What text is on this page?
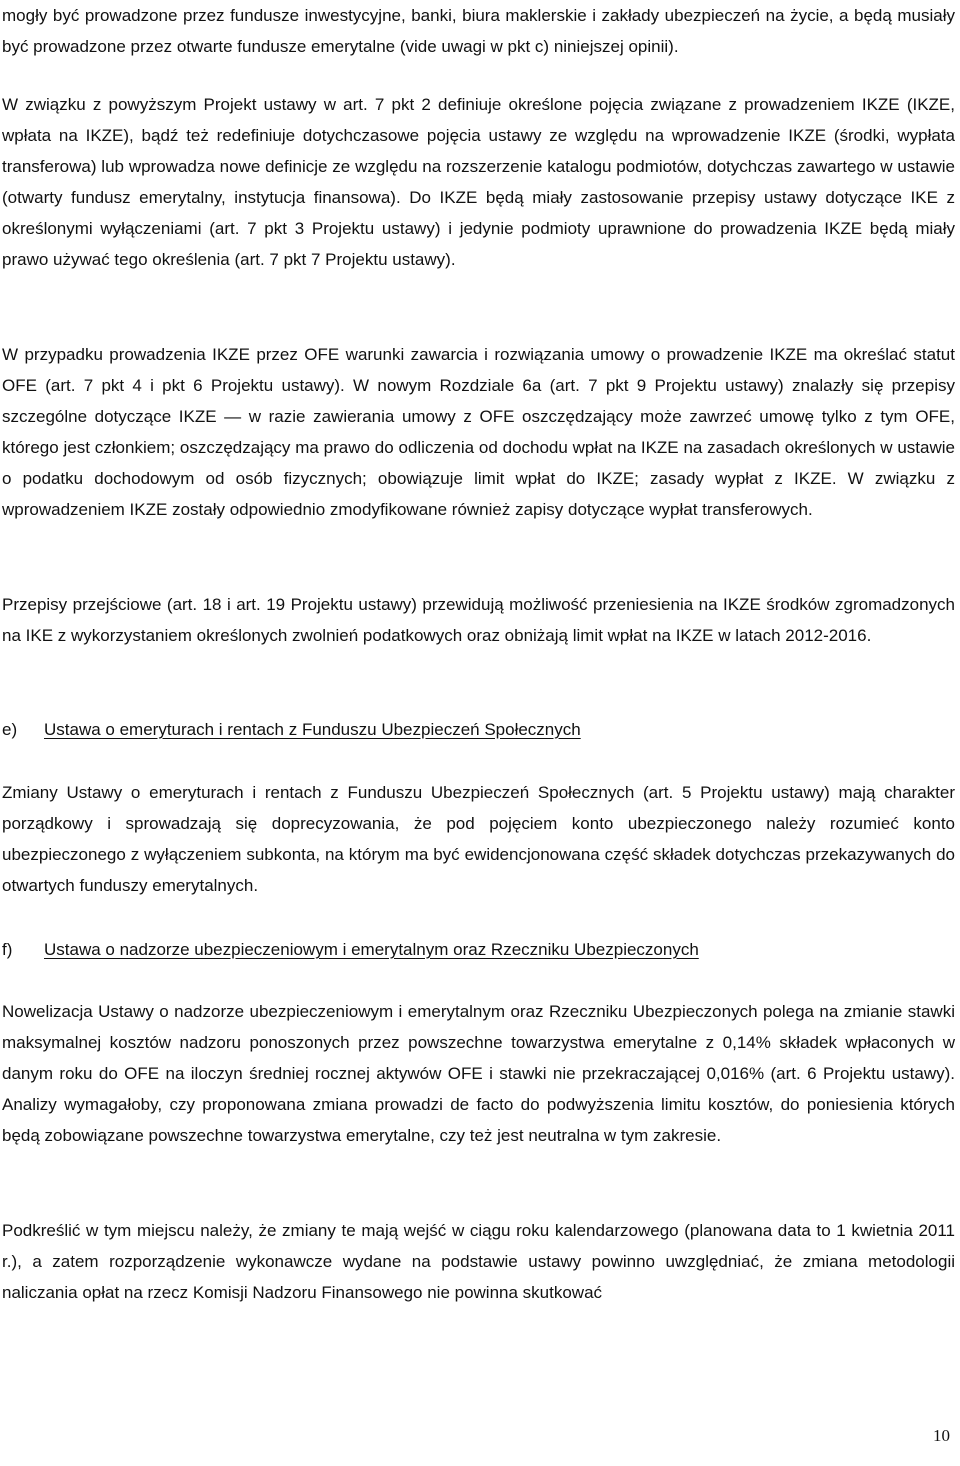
mogły być prowadzone przez fundusze inwestycyjne, banki, biura maklerskie i zakłady ubezpieczeń na życie, a będą musiały być prowadzone przez otwarte fundusze emerytalne (vide uwagi w pkt c) niniejszej opinii).

W związku z powyższym Projekt ustawy w art. 7 pkt 2 definiuje określone pojęcia związane z prowadzeniem IKZE (IKZE, wpłata na IKZE), bądź też redefiniuje dotychczasowe pojęcia ustawy ze względu na wprowadzenie IKZE (środki, wypłata transferowa) lub wprowadza nowe definicje ze względu na rozszerzenie katalogu podmiotów, dotychczas zawartego w ustawie (otwarty fundusz emerytalny, instytucja finansowa). Do IKZE będą miały zastosowanie przepisy ustawy dotyczące IKE z określonymi wyłączeniami (art. 7 pkt 3 Projektu ustawy) i jedynie podmioty uprawnione do prowadzenia IKZE będą miały prawo używać tego określenia (art. 7 pkt 7 Projektu ustawy).

W przypadku prowadzenia IKZE przez OFE warunki zawarcia i rozwiązania umowy o prowadzenie IKZE ma określać statut OFE (art. 7 pkt 4 i pkt 6 Projektu ustawy). W nowym Rozdziale 6a (art. 7 pkt 9 Projektu ustawy) znalazły się przepisy szczególne dotyczące IKZE ― w razie zawierania umowy z OFE oszczędzający może zawrzeć umowę tylko z tym OFE, którego jest członkiem; oszczędzający ma prawo do odliczenia od dochodu wpłat na IKZE na zasadach określonych w ustawie o podatku dochodowym od osób fizycznych; obowiązuje limit wpłat do IKZE; zasady wypłat z IKZE. W związku z wprowadzeniem IKZE zostały odpowiednio zmodyfikowane również zapisy dotyczące wypłat transferowych.

Przepisy przejściowe (art. 18 i art. 19 Projektu ustawy) przewidują możliwość przeniesienia na IKZE środków zgromadzonych na IKE z wykorzystaniem określonych zwolnień podatkowych oraz obniżają limit wpłat na IKZE w latach 2012-2016.

e) Ustawa o emeryturach i rentach z Funduszu Ubezpieczeń Społecznych

Zmiany Ustawy o emeryturach i rentach z Funduszu Ubezpieczeń Społecznych (art. 5 Projektu ustawy) mają charakter porządkowy i sprowadzają się doprecyzowania, że pod pojęciem konto ubezpieczonego należy rozumieć konto ubezpieczonego z wyłączeniem subkonta, na którym ma być ewidencjonowana część składek dotychczas przekazywanych do otwartych funduszy emerytalnych.

f) Ustawa o nadzorze ubezpieczeniowym i emerytalnym oraz Rzeczniku Ubezpieczonych

Nowelizacja Ustawy o nadzorze ubezpieczeniowym i emerytalnym oraz Rzeczniku Ubezpieczonych polega na zmianie stawki maksymalnej kosztów nadzoru ponoszonych przez powszechne towarzystwa emerytalne z 0,14% składek wpłaconych w danym roku do OFE na iloczyn średniej rocznej aktywów OFE i stawki nie przekraczającej 0,016% (art. 6 Projektu ustawy). Analizy wymagałoby, czy proponowana zmiana prowadzi de facto do podwyższenia limitu kosztów, do poniesienia których będą zobowiązane powszechne towarzystwa emerytalne, czy też jest neutralna w tym zakresie.

Podkreślić w tym miejscu należy, że zmiany te mają wejść w ciągu roku kalendarzowego (planowana data to 1 kwietnia 2011 r.), a zatem rozporządzenie wykonawcze wydane na podstawie ustawy powinno uwzględniać, że zmiana metodologii naliczania opłat na rzecz Komisji Nadzoru Finansowego nie powinna skutkować

10
